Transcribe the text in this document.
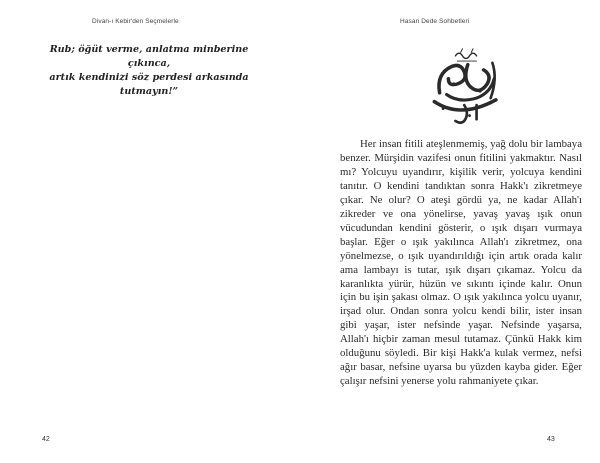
Divan-ı Kebir'den Seçmelerle
Rub; öğüt verme, anlatma minberine çıkınca,
artık kendinizi söz perdesi arkasında tutmayın!”
42
Hasan Dede Sohbetleri

Her insan fitili ateşlenmemiş, yağ dolu bir lambaya benzer. Mürşidin vazifesi onun fitilini yakmaktır. Nasıl mı? Yolcuyu uyandırır, kişilik verir, yolcuya kendini tanıtır. O kendini tandıktan sonra Hakk'ı zikretmeye çıkar. Ne olur? O ateşi gördü ya, ne kadar Allah'ı zikreder ve ona yönelirse, yavaş yavaş ışık onun vücudundan kendini gösterir, o ışık dışarı vurmaya başlar. Eğer o ışık yakılınca Allah'ı zikretmez, ona yönelmezse, o ışık uyandırıldığı için artık orada kalır ama lambayı is tutar, ışık dışarı çıkamaz. Yolcu da karanlıkta yürür, hüzün ve sıkıntı içinde kalır. Onun için bu işin şakası olmaz. O ışık yakılınca yolcu uyanır, irşad olur. Ondan sonra yolcu kendi bilir, ister insan gibi yaşar, ister nefsinde yaşar. Nefsinde yaşarsa, Allah'ı hiçbir zaman mesul tutamaz. Çünkü Hakk kim olduğunu söyledi. Bir kişi Hakk'a kulak vermez, nefsi ağır basar, nefsine uyarsa bu yüzden kayba gider. Eğer çalışır nefsini yenerse yolu rahmaniyete çıkar.

43
